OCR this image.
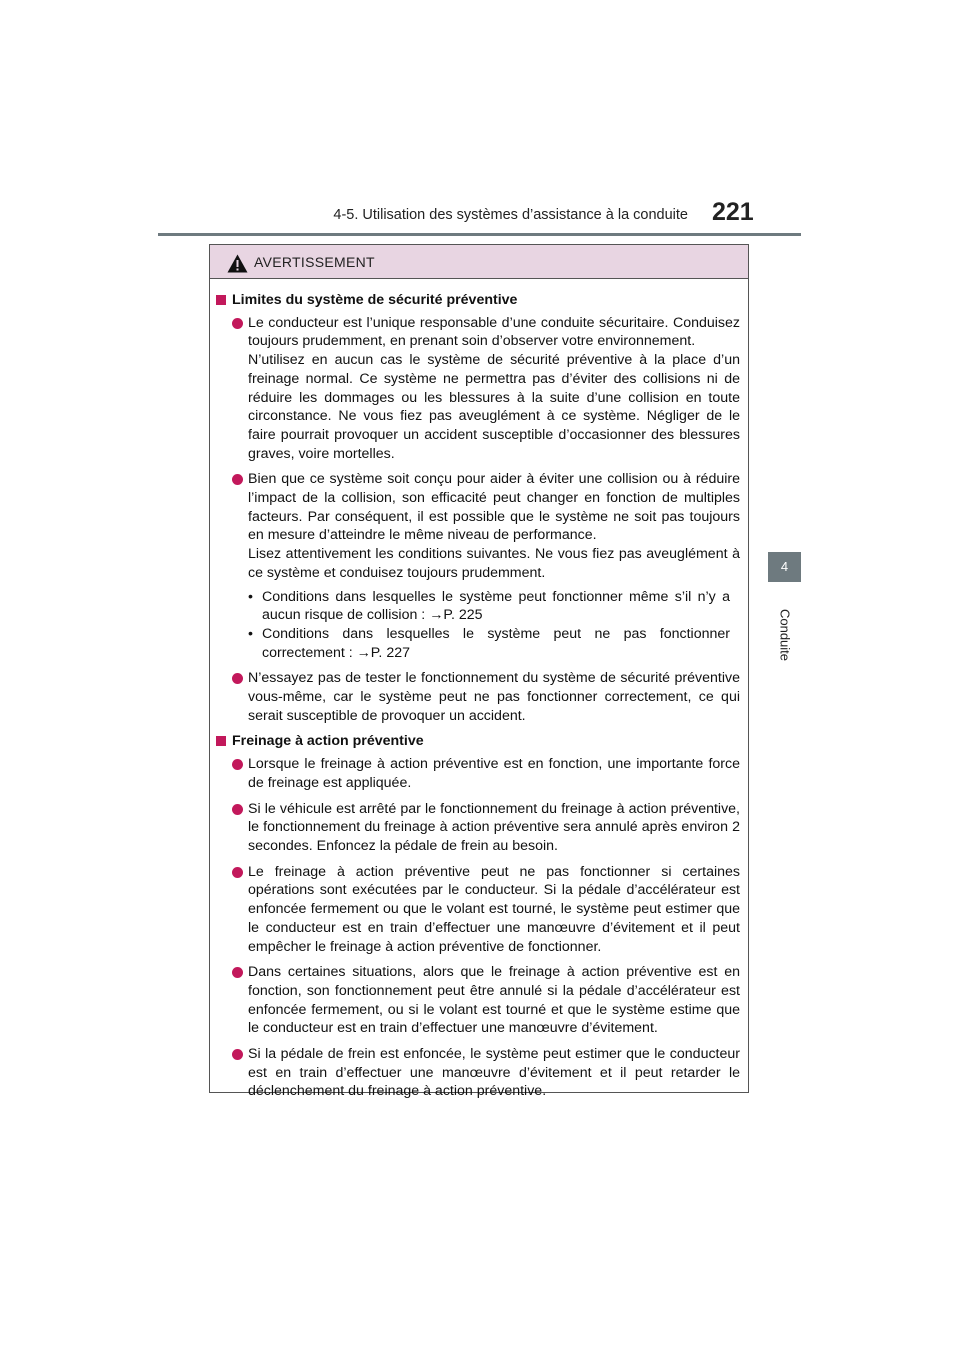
4-5. Utilisation des systèmes d’assistance à la conduite 221
4
Conduite
AVERTISSEMENT
Limites du système de sécurité préventive

Le conducteur est l’unique responsable d’une conduite sécuritaire. Conduisez toujours prudemment, en prenant soin d’observer votre environnement.

N’utilisez en aucun cas le système de sécurité préventive à la place d’un freinage normal. Ce système ne permettra pas d’éviter des collisions ni de réduire les dommages ou les blessures à la suite d’une collision en toute circonstance. Ne vous fiez pas aveuglément à ce système. Négliger de le faire pourrait provoquer un accident susceptible d’occasionner des blessures graves, voire mortelles.

Bien que ce système soit conçu pour aider à éviter une collision ou à réduire l’impact de la collision, son efficacité peut changer en fonction de multiples facteurs. Par conséquent, il est possible que le système ne soit pas toujours en mesure d’atteindre le même niveau de performance.

Lisez attentivement les conditions suivantes. Ne vous fiez pas aveuglément à ce système et conduisez toujours prudemment.

• Conditions dans lesquelles le système peut fonctionner même s’il n’y a aucun risque de collision : →P. 225
• Conditions dans lesquelles le système peut ne pas fonctionner correctement : →P. 227

N’essayez pas de tester le fonctionnement du système de sécurité préventive vous-même, car le système peut ne pas fonctionner correctement, ce qui serait susceptible de provoquer un accident.

Freinage à action préventive

Lorsque le freinage à action préventive est en fonction, une importante force de freinage est appliquée.

Si le véhicule est arrêté par le fonctionnement du freinage à action préventive, le fonctionnement du freinage à action préventive sera annulé après environ 2 secondes. Enfoncez la pédale de frein au besoin.

Le freinage à action préventive peut ne pas fonctionner si certaines opérations sont exécutées par le conducteur. Si la pédale d’accélérateur est enfoncée fermement ou que le volant est tourné, le système peut estimer que le conducteur est en train d’effectuer une manœuvre d’évitement et il peut empêcher le freinage à action préventive de fonctionner.

Dans certaines situations, alors que le freinage à action préventive est en fonction, son fonctionnement peut être annulé si la pédale d’accélérateur est enfoncée fermement, ou si le volant est tourné et que le système estime que le conducteur est en train d’effectuer une manœuvre d’évitement.

Si la pédale de frein est enfoncée, le système peut estimer que le conducteur est en train d’effectuer une manœuvre d’évitement et il peut retarder le déclenchement du freinage à action préventive.
